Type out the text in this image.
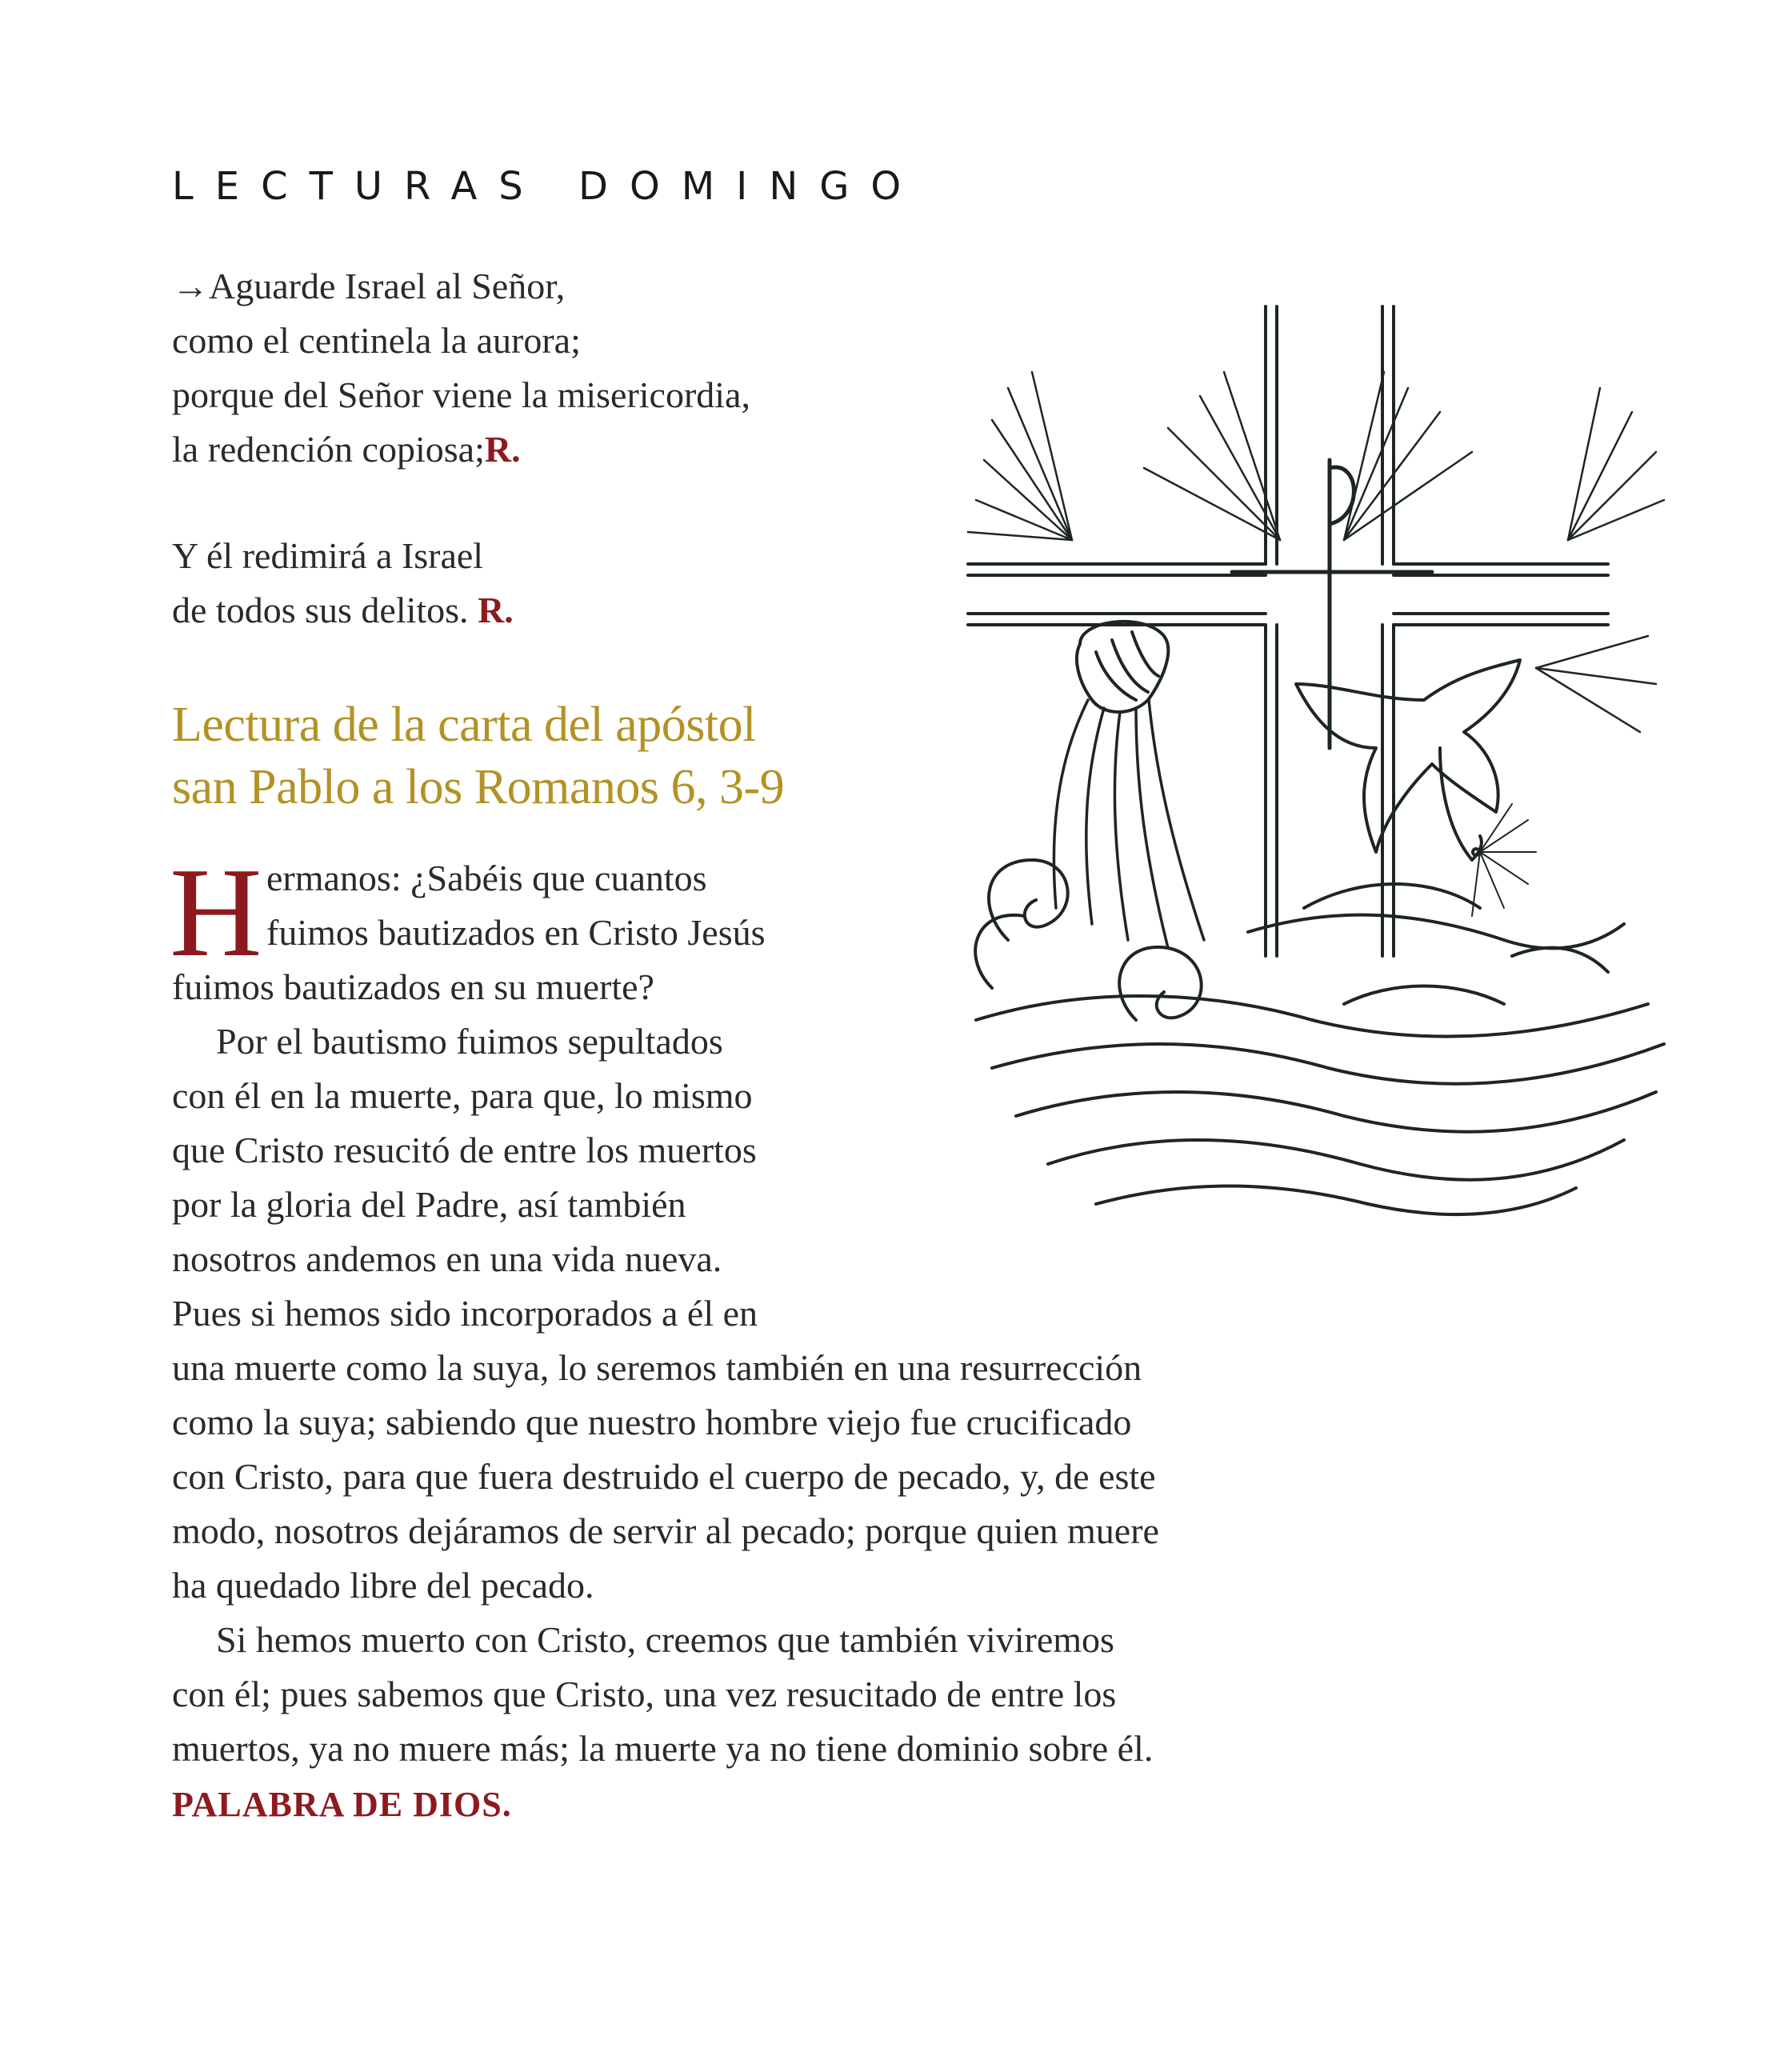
LECTURAS DOMINGO
→Aguarde Israel al Señor,
como el centinela la aurora;
porque del Señor viene la misericordia,
la redención copiosa;R.
Y él redimirá a Israel
de todos sus delitos. R.
Lectura de la carta del apóstol
san Pablo a los Romanos 6, 3-9
H ermanos: ¿Sabéis que cuantos
fuimos bautizados en Cristo Jesús
fuimos bautizados en su muerte?
Por el bautismo fuimos sepultados
con él en la muerte, para que, lo mismo
que Cristo resucitó de entre los muertos
por la gloria del Padre, así también
nosotros andemos en una vida nueva.
Pues si hemos sido incorporados a él en
una muerte como la suya, lo seremos también en una resurrección
como la suya; sabiendo que nuestro hombre viejo fue crucificado
con Cristo, para que fuera destruido el cuerpo de pecado, y, de este
modo, nosotros dejáramos de servir al pecado; porque quien muere
ha quedado libre del pecado.
Si hemos muerto con Cristo, creemos que también viviremos
con él; pues sabemos que Cristo, una vez resucitado de entre los
muertos, ya no muere más; la muerte ya no tiene dominio sobre él.
PALABRA DE DIOS.
